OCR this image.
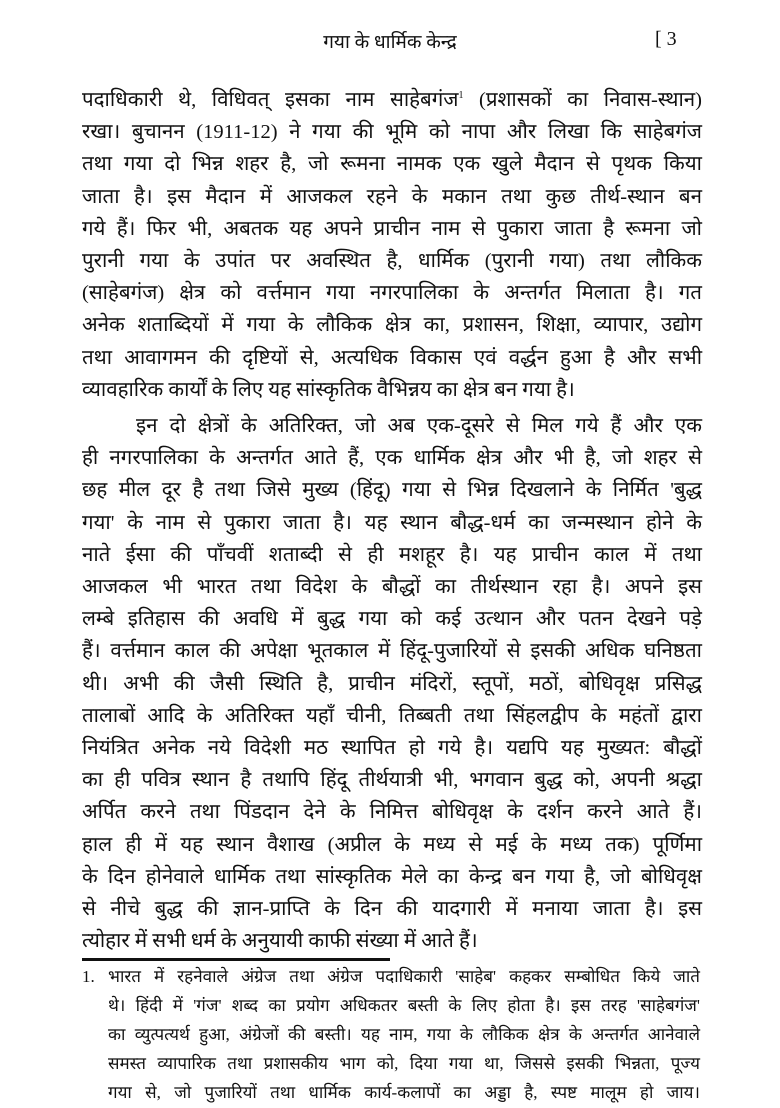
गया के धार्मिक केन्द्र	[ 3
पदाधिकारी थे, विधिवत् इसका नाम साहेबगंज$^1$ (प्रशासकों का निवास-स्थान)
रखा। बुचानन (1911-12) ने गया की भूमि को नापा और लिखा कि साहेबगंज
तथा गया दो भिन्न शहर है, जो रूमना नामक एक खुले मैदान से पृथक किया
जाता है। इस मैदान में आजकल रहने के मकान तथा कुछ तीर्थ-स्थान बन
गये हैं। फिर भी, अबतक यह अपने प्राचीन नाम से पुकारा जाता है रूमना जो
पुरानी गया के उपांत पर अवस्थित है, धार्मिक (पुरानी गया) तथा लौकिक
(साहेबगंज) क्षेत्र को वर्त्तमान गया नगरपालिका के अन्तर्गत मिलाता है। गत
अनेक शताब्दियों में गया के लौकिक क्षेत्र का, प्रशासन, शिक्षा, व्यापार, उद्योग
तथा आवागमन की दृष्टियों से, अत्यधिक विकास एवं वर्द्धन हुआ है और सभी
व्यावहारिक कार्यों के लिए यह सांस्कृतिक वैभिन्नय का क्षेत्र बन गया है।
इन दो क्षेत्रों के अतिरिक्त, जो अब एक-दूसरे से मिल गये हैं और एक
ही नगरपालिका के अन्तर्गत आते हैं, एक धार्मिक क्षेत्र और भी है, जो शहर से
छह मील दूर है तथा जिसे मुख्य (हिंदू) गया से भिन्न दिखलाने के निर्मित 'बुद्ध
गया' के नाम से पुकारा जाता है। यह स्थान बौद्ध-धर्म का जन्मस्थान होने के
नाते ईसा की पाँचवीं शताब्दी से ही मशहूर है। यह प्राचीन काल में तथा
आजकल भी भारत तथा विदेश के बौद्धों का तीर्थस्थान रहा है। अपने इस
लम्बे इतिहास की अवधि में बुद्ध गया को कई उत्थान और पतन देखने पड़े
हैं। वर्त्तमान काल की अपेक्षा भूतकाल में हिंदू-पुजारियों से इसकी अधिक घनिष्ठता
थी। अभी की जैसी स्थिति है, प्राचीन मंदिरों, स्तूपों, मठों, बोधिवृक्ष प्रसिद्ध
तालाबों आदि के अतिरिक्त यहाँ चीनी, तिब्बती तथा सिंहलद्वीप के महंतों द्वारा
नियंत्रित अनेक नये विदेशी मठ स्थापित हो गये है। यद्यपि यह मुख्यत: बौद्धों
का ही पवित्र स्थान है तथापि हिंदू तीर्थयात्री भी, भगवान बुद्ध को, अपनी श्रद्धा
अर्पित करने तथा पिंडदान देने के निमित्त बोधिवृक्ष के दर्शन करने आते हैं।
हाल ही में यह स्थान वैशाख (अप्रील के मध्य से मई के मध्य तक) पूर्णिमा
के दिन होनेवाले धार्मिक तथा सांस्कृतिक मेले का केन्द्र बन गया है, जो बोधिवृक्ष
से नीचे बुद्ध की ज्ञान-प्राप्ति के दिन की यादगारी में मनाया जाता है। इस
त्योहार में सभी धर्म के अनुयायी काफी संख्या में आते हैं।
1. भारत में रहनेवाले अंग्रेज तथा अंग्रेज पदाधिकारी 'साहेब' कहकर सम्बोधित किये जाते
थे। हिंदी में 'गंज' शब्द का प्रयोग अधिकतर बस्ती के लिए होता है। इस तरह 'साहेबगंज'
का व्युत्पत्यर्थ हुआ, अंग्रेजों की बस्ती। यह नाम, गया के लौकिक क्षेत्र के अन्तर्गत आनेवाले
समस्त व्यापारिक तथा प्रशासकीय भाग को, दिया गया था, जिससे इसकी भिन्नता, पूज्य
गया से, जो पुजारियों तथा धार्मिक कार्य-कलापों का अड्डा है, स्पष्ट मालूम हो जाय।
